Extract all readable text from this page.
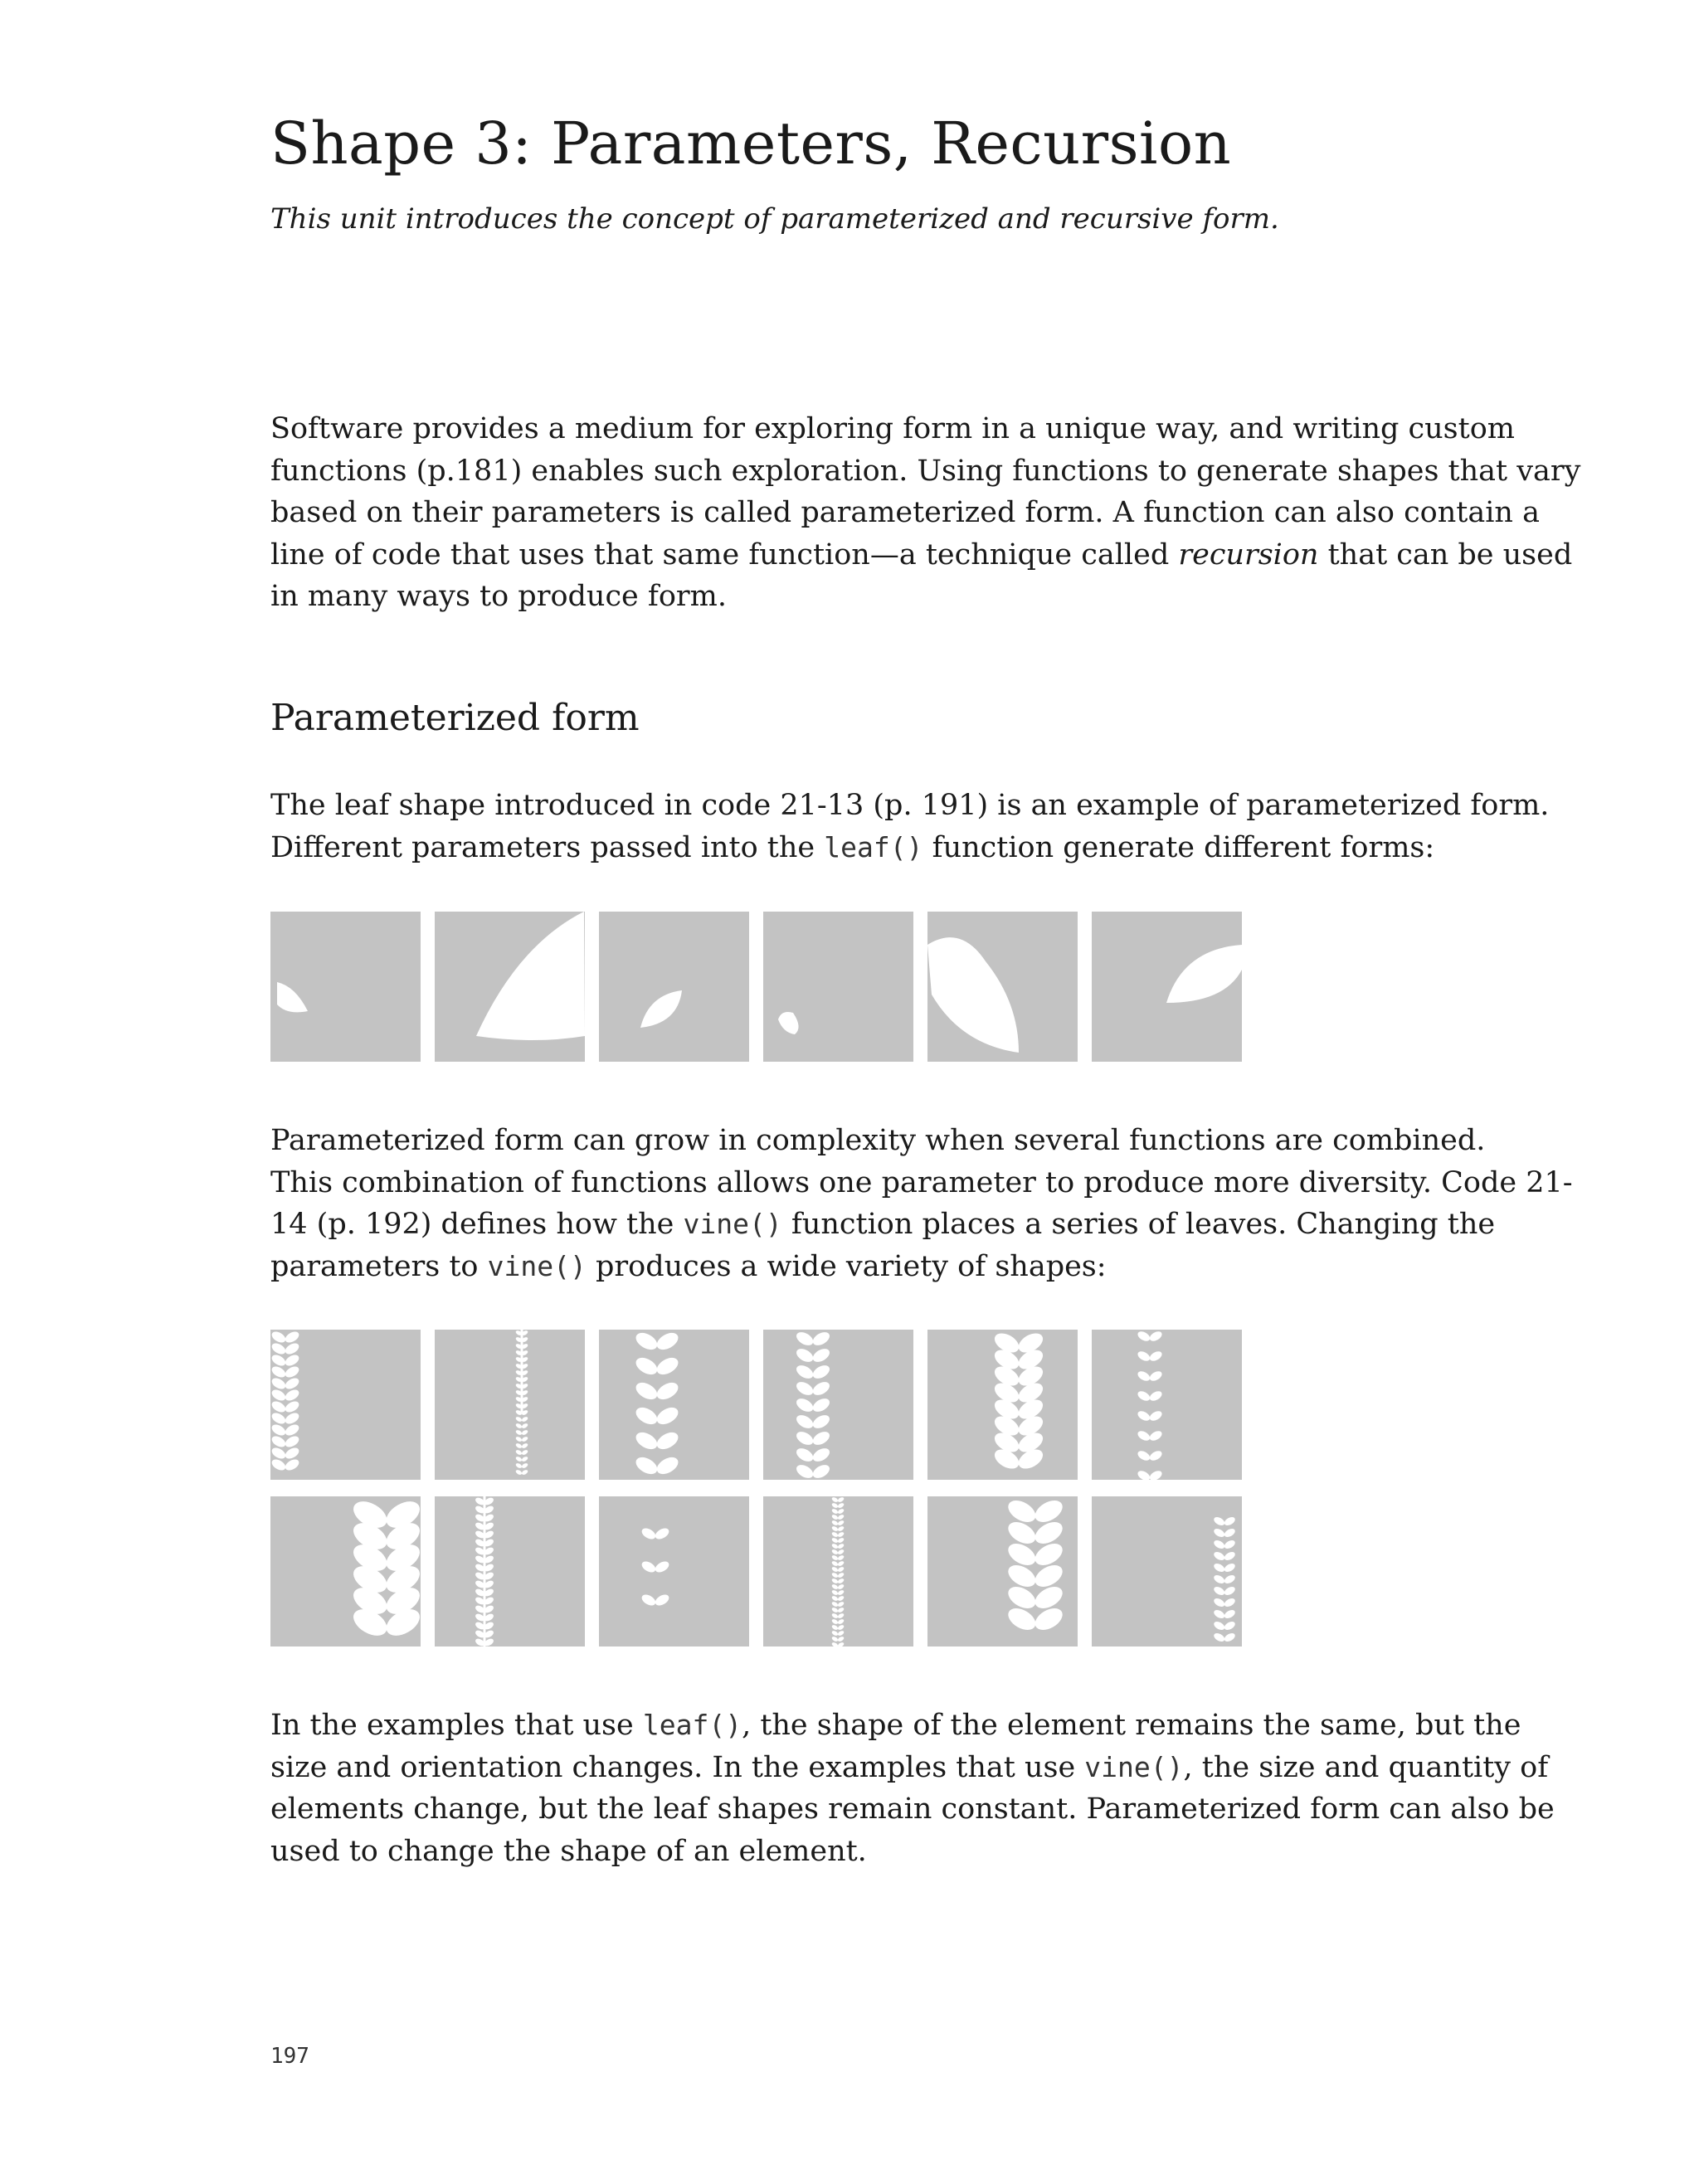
Shape 3: Parameters, Recursion

This unit introduces the concept of parameterized and recursive form.

Software provides a medium for exploring form in a unique way, and writing custom
functions (p.181) enables such exploration. Using functions to generate shapes that vary
based on their parameters is called parameterized form. A function can also contain a
line of code that uses that same function—a technique called recursion that can be used
in many ways to produce form.

Parameterized form

The leaf shape introduced in code 21-13 (p. 191) is an example of parameterized form.
Different parameters passed into the leaf() function generate different forms:

Parameterized form can grow in complexity when several functions are combined.
This combination of functions allows one parameter to produce more diversity. Code 21-
14 (p. 192) defines how the vine() function places a series of leaves. Changing the
parameters to vine() produces a wide variety of shapes:

In the examples that use leaf(), the shape of the element remains the same, but the
size and orientation changes. In the examples that use vine(), the size and quantity of
elements change, but the leaf shapes remain constant. Parameterized form can also be
used to change the shape of an element.

197
